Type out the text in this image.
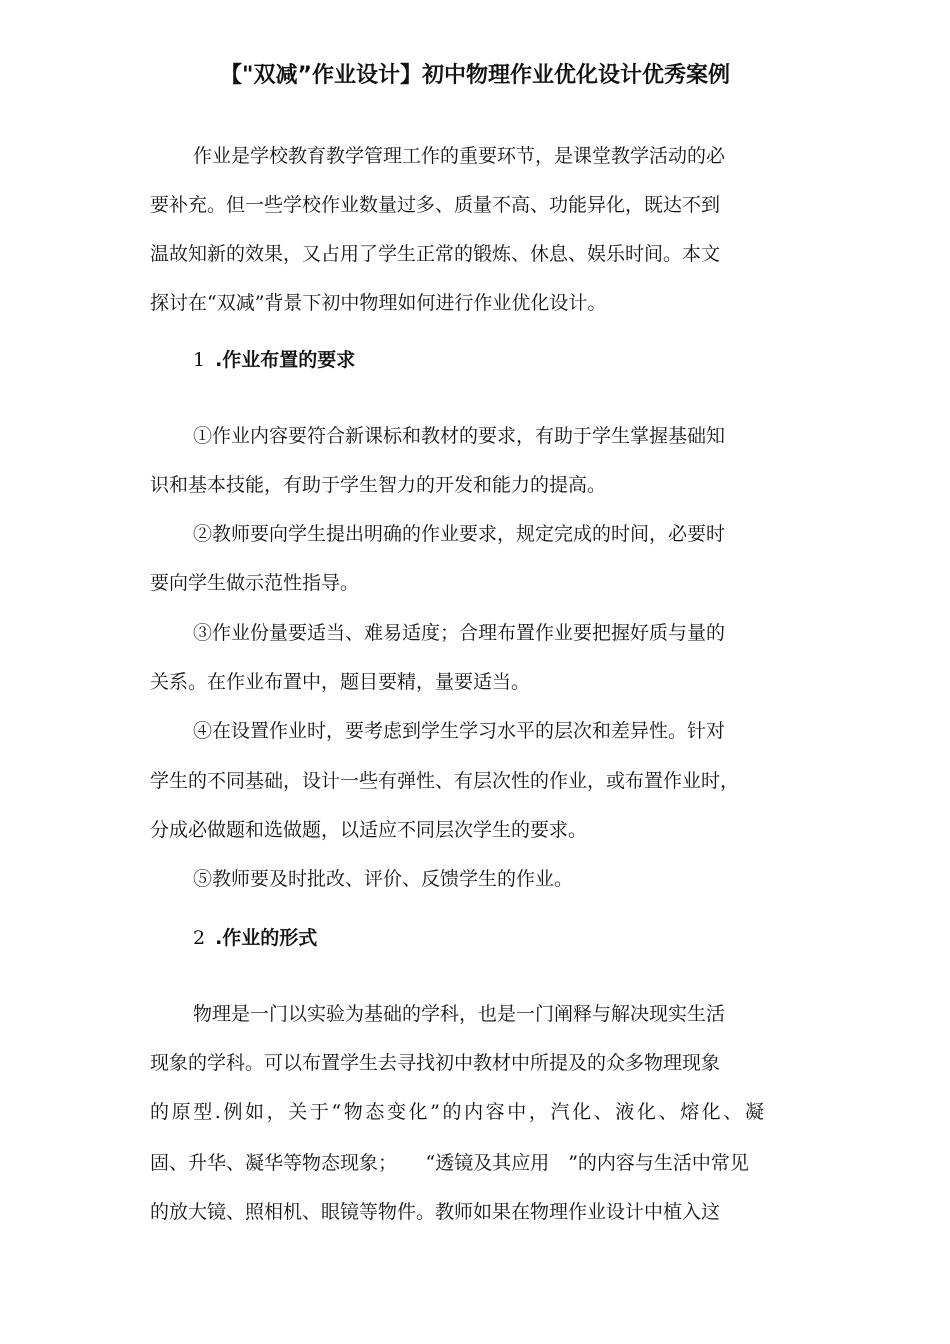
【"双减”作业设计】初中物理作业优化设计优秀案例
作业是学校教育教学管理工作的重要环节，是课堂教学活动的必
要补充。但一些学校作业数量过多、质量不高、功能异化，既达不到
温故知新的效果，又占用了学生正常的锻炼、休息、娱乐时间。本文
探讨在“双减”背景下初中物理如何进行作业优化设计。
1 .作业布置的要求
①作业内容要符合新课标和教材的要求，有助于学生掌握基础知
识和基本技能，有助于学生智力的开发和能力的提高。
②教师要向学生提出明确的作业要求，规定完成的时间，必要时
要向学生做示范性指导。
③作业份量要适当、难易适度；合理布置作业要把握好质与量的
关系。在作业布置中，题目要精，量要适当。
④在设置作业时，要考虑到学生学习水平的层次和差异性。针对
学生的不同基础，设计一些有弹性、有层次性的作业，或布置作业时，
分成必做题和选做题，以适应不同层次学生的要求。
⑤教师要及时批改、评价、反馈学生的作业。
2 .作业的形式
物理是一门以实验为基础的学科，也是一门阐释与解决现实生活
现象的学科。可以布置学生去寻找初中教材中所提及的众多物理现象
的原型.例如，关于“物态变化”的内容中，汽化、液化、熔化、凝
固、升华、凝华等物态现象；　　“透镜及其应用　”的内容与生活中常见
的放大镜、照相机、眼镜等物件。教师如果在物理作业设计中植入这
